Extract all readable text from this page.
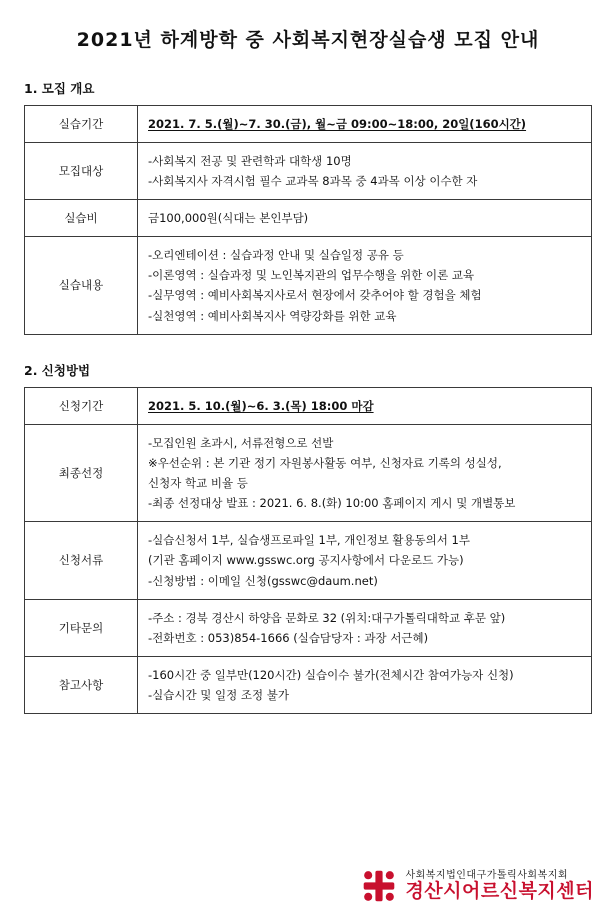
2021년 하계방학 중 사회복지현장실습생 모집 안내
1. 모집 개요
실습기간	2021. 7. 5.(월)~7. 30.(금), 월~금 09:00~18:00, 20일(160시간)

모집대상	-사회복지 전공 및 관련학과 대학생 10명
-사회복지사 자격시험 필수 교과목 8과목 중 4과목 이상 이수한 자

실습비	금100,000원(식대는 본인부담)

실습내용	-오리엔테이션 : 실습과정 안내 및 실습일정 공유 등
-이론영역 : 실습과정 및 노인복지관의 업무수행을 위한 이론 교육
-실무영역 : 예비사회복지사로서 현장에서 갖추어야 할 경험을 체험
-실천영역 : 예비사회복지사 역량강화를 위한 교육
2. 신청방법
신청기간	2021. 5. 10.(월)~6. 3.(목) 18:00 마감

최종선정	-모집인원 초과시, 서류전형으로 선발
※우선순위 : 본 기관 정기 자원봉사활동 여부, 신청자료 기록의 성실성,
신청자 학교 비율 등
-최종 선정대상 발표 : 2021. 6. 8.(화) 10:00 홈페이지 게시 및 개별통보

신청서류	-실습신청서 1부, 실습생프로파일 1부, 개인정보 활용동의서 1부
(기관 홈페이지 www.gsswc.org 공지사항에서 다운로드 가능)
-신청방법 : 이메일 신청(gsswc@daum.net)

기타문의	-주소 : 경북 경산시 하양읍 문화로 32 (위치:대구가톨릭대학교 후문 앞)
-전화번호 : 053)854-1666 (실습담당자 : 과장 서근혜)

참고사항	-160시간 중 일부만(120시간) 실습이수 불가(전체시간 참여가능자 신청)
-실습시간 및 일정 조정 불가
사회복지법인대구가톨릭사회복지회
경산시어르신복지센터
